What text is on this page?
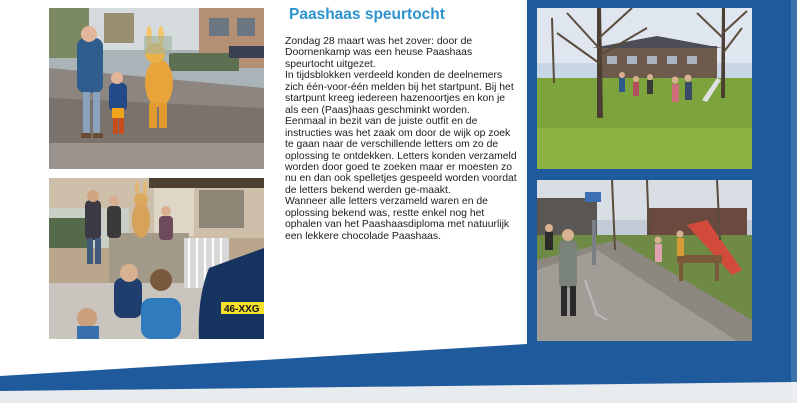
46-XXG
Paashaas speurtocht

Zondag 28 maart was het zover: door de Doornenkamp was een heuse Paashaas speurtocht uitgezet.

In tijdsblokken verdeeld konden de deelnemers zich één-voor-één melden bij het startpunt. Bij het startpunt kreeg iedereen hazenoortjes en kon je als een (Paas)haas geschminkt worden.

Eenmaal in bezit van de juiste outfit en de instructies was het zaak om door de wijk op zoek te gaan naar de verschillende letters om zo de oplossing te ontdekken. Letters konden verzameld worden door goed te zoeken maar er moesten zo nu en dan ook spelletjes gespeeld worden voordat de letters bekend werden ge-maakt.

Wanneer alle letters verzameld waren en de oplossing bekend was, restte enkel nog het ophalen van het Paashaasdiploma met natuurlijk een lekkere chocolade Paashaas.
